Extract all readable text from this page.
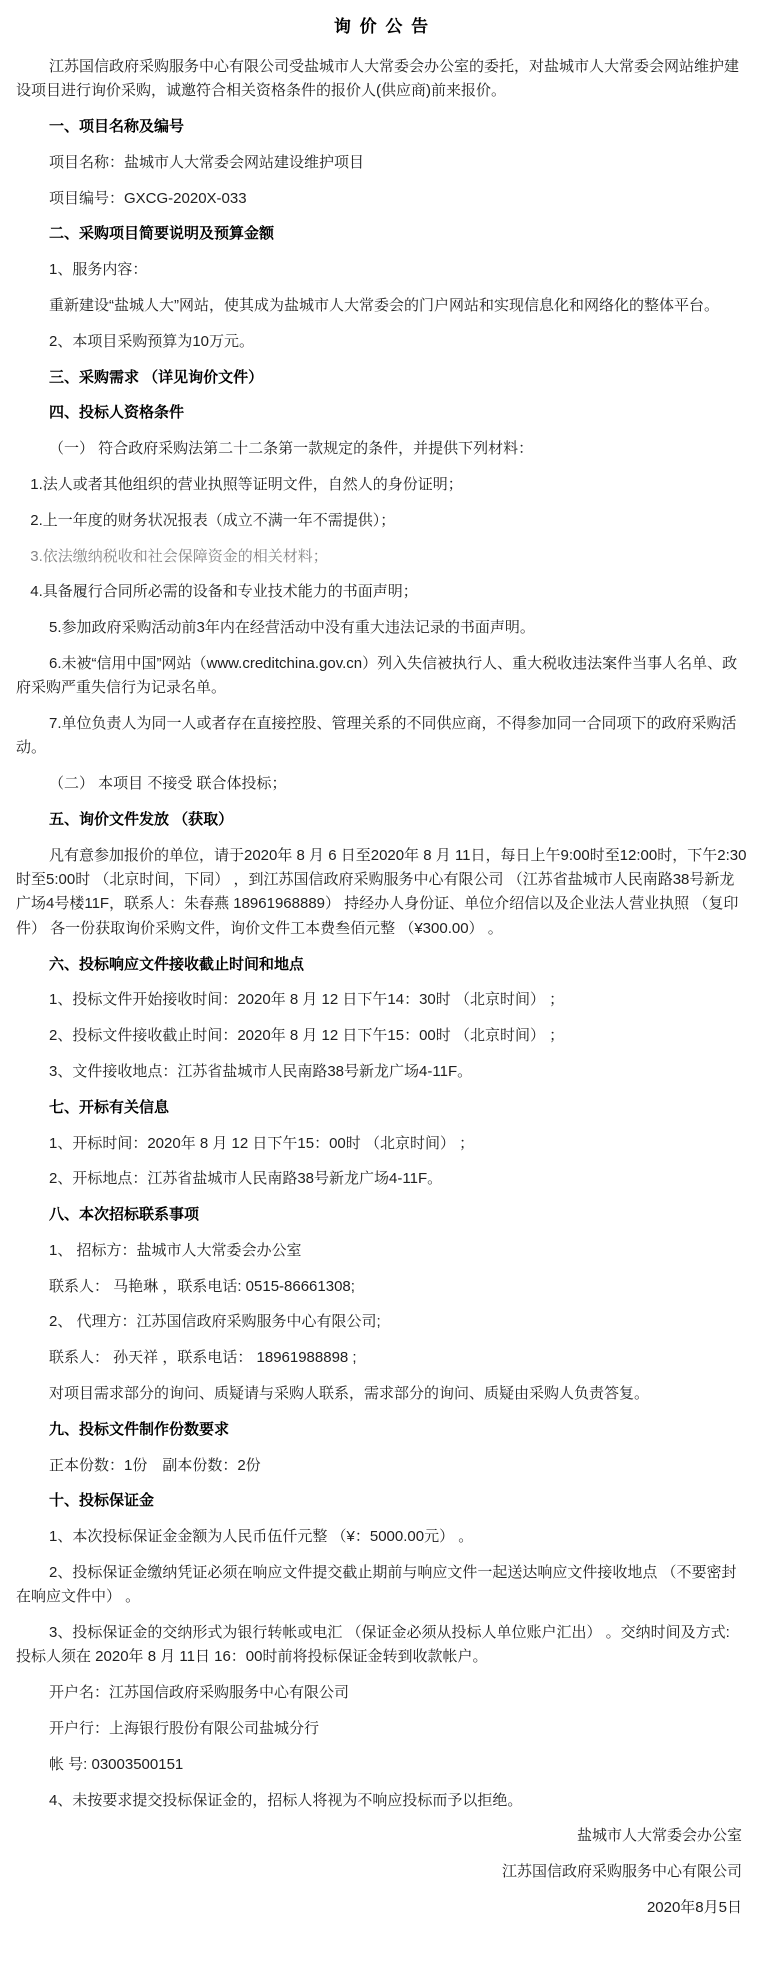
询 价 公 告

江苏国信政府采购服务中心有限公司受盐城市人大常委会办公室的委托，对盐城市人大常委会网站维护建设项目进行询价采购，诚邀符合相关资格条件的报价人(供应商)前来报价。

一、项目名称及编号

项目名称：盐城市人大常委会网站建设维护项目

项目编号：GXCG-2020X-033

二、采购项目简要说明及预算金额

1、服务内容：

重新建设“盐城人大”网站，使其成为盐城市人大常委会的门户网站和实现信息化和网络化的整体平台。

2、本项目采购预算为10万元。

三、采购需求 （详见询价文件）

四、投标人资格条件

（一） 符合政府采购法第二十二条第一款规定的条件，并提供下列材料：

1.法人或者其他组织的营业执照等证明文件，自然人的身份证明；

2.上一年度的财务状况报表（成立不满一年不需提供）；

3.依法缴纳税收和社会保障资金的相关材料；

4.具备履行合同所必需的设备和专业技术能力的书面声明；

5.参加政府采购活动前3年内在经营活动中没有重大违法记录的书面声明。

6.未被“信用中国”网站（www.creditchina.gov.cn）列入失信被执行人、重大税收违法案件当事人名单、政府采购严重失信行为记录名单。

7.单位负责人为同一人或者存在直接控股、管理关系的不同供应商，不得参加同一合同项下的政府采购活动。

（二） 本项目 不接受 联合体投标；

五、询价文件发放 （获取）

凡有意参加报价的单位，请于2020年 8 月 6 日至2020年 8 月 11日，每日上午9:00时至12:00时，下午2:30时至5:00时 （北京时间，下同） ，到江苏国信政府采购服务中心有限公司 （江苏省盐城市人民南路38号新龙广场4号楼11F，联系人：朱春燕 18961968889） 持经办人身份证、单位介绍信以及企业法人营业执照 （复印件） 各一份获取询价采购文件，询价文件工本费叁佰元整 （¥300.00） 。

六、投标响应文件接收截止时间和地点

1、投标文件开始接收时间：2020年 8 月 12 日下午14：30时 （北京时间） ；

2、投标文件接收截止时间：2020年 8 月 12 日下午15：00时 （北京时间） ；

3、文件接收地点：江苏省盐城市人民南路38号新龙广场4-11F。

七、开标有关信息

1、开标时间：2020年 8 月 12 日下午15：00时 （北京时间） ；

2、开标地点：江苏省盐城市人民南路38号新龙广场4-11F。

八、本次招标联系事项

1、 招标方：盐城市人大常委会办公室

联系人： 马艳琳 ，联系电话: 0515-86661308;

2、 代理方：江苏国信政府采购服务中心有限公司;

联系人： 孙天祥 ，联系电话： 18961988898 ;

对项目需求部分的询问、质疑请与采购人联系，需求部分的询问、质疑由采购人负责答复。

九、投标文件制作份数要求

正本份数：1份　副本份数：2份

十、投标保证金

1、本次投标保证金金额为人民币伍仟元整 （¥：5000.00元） 。

2、投标保证金缴纳凭证必须在响应文件提交截止期前与响应文件一起送达响应文件接收地点 （不要密封在响应文件中） 。

3、投标保证金的交纳形式为银行转帐或电汇 （保证金必须从投标人单位账户汇出） 。交纳时间及方式: 投标人须在 2020年 8 月 11日 16：00时前将投标保证金转到收款帐户。

开户名：江苏国信政府采购服务中心有限公司

开户行：上海银行股份有限公司盐城分行

帐 号: 03003500151

4、未按要求提交投标保证金的，招标人将视为不响应投标而予以拒绝。

盐城市人大常委会办公室

江苏国信政府采购服务中心有限公司

2020年8月5日
